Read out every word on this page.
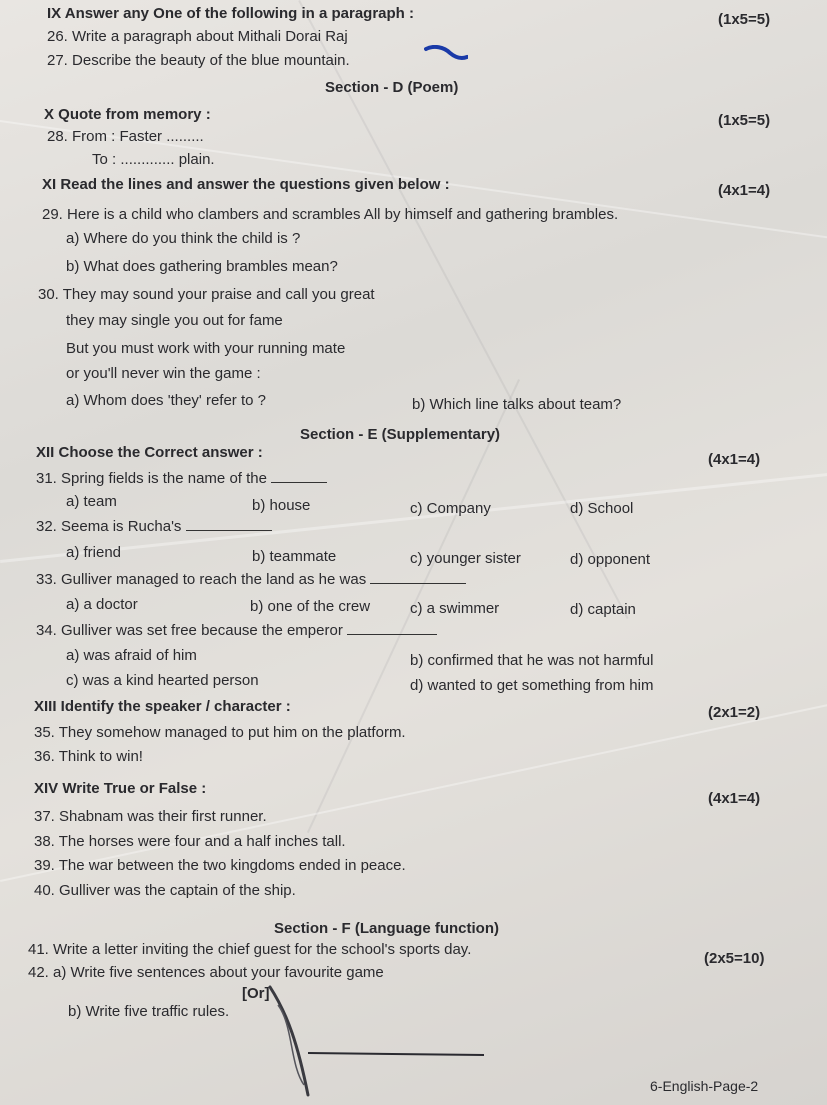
IX Answer any One of the following in a paragraph :	(1x5=5)
26. Write a paragraph about Mithali Dorai Raj
27. Describe the beauty of the blue mountain.
Section - D (Poem)
X Quote from memory :	(1x5=5)
28. From : Faster .........
To : ............. plain.
XI Read the lines and answer the questions given below :	(4x1=4)
29. Here is a child who clambers and scrambles All by himself and gathering brambles.
a) Where do you think the child is ?
b) What does gathering brambles mean?
30. They may sound your praise and call you great
they may single you out for fame
But you must work with your running mate
or you'll never win the game :
a) Whom does 'they' refer to ?	b) Which line talks about team?
Section - E (Supplementary)
XII Choose the Correct answer :	(4x1=4)
31. Spring fields is the name of the
a) team	b) house	c) Company	d) School
32. Seema is Rucha's
a) friend	b) teammate	c) younger sister	d) opponent
33. Gulliver managed to reach the land as he was
a) a doctor	b) one of the crew	c) a swimmer	d) captain
34. Gulliver was set free because the emperor
a) was afraid of him	b) confirmed that he was not harmful
c) was a kind hearted person	d) wanted to get something from him
XIII Identify the speaker / character :	(2x1=2)
35. They somehow managed to put him on the platform.
36. Think to win!
XIV Write True or False :
(4x1=4)
37. Shabnam was their first runner.
38. The horses were four and a half inches tall.
39. The war between the two kingdoms ended in peace.
40. Gulliver was the captain of the ship.
Section - F (Language function)
41. Write a letter inviting the chief guest for the school's sports day.
(2x5=10)
42. a) Write five sentences about your favourite game
[Or]
b) Write five traffic rules.
6-English-Page-2
